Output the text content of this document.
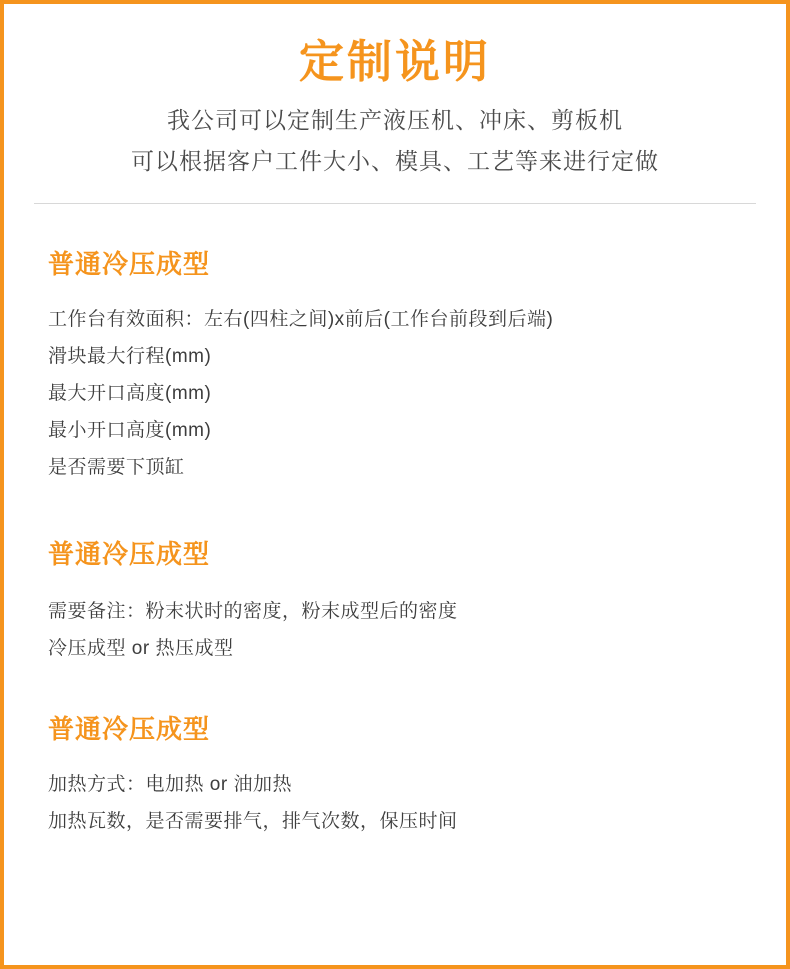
定制说明
我公司可以定制生产液压机、冲床、剪板机
可以根据客户工件大小、模具、工艺等来进行定做
普通冷压成型
工作台有效面积：左右(四柱之间)x前后(工作台前段到后端)
滑块最大行程(mm)
最大开口高度(mm)
最小开口高度(mm)
是否需要下顶缸
普通冷压成型
需要备注：粉末状时的密度，粉末成型后的密度
冷压成型 or 热压成型
普通冷压成型
加热方式：电加热 or 油加热
加热瓦数，是否需要排气，排气次数，保压时间
